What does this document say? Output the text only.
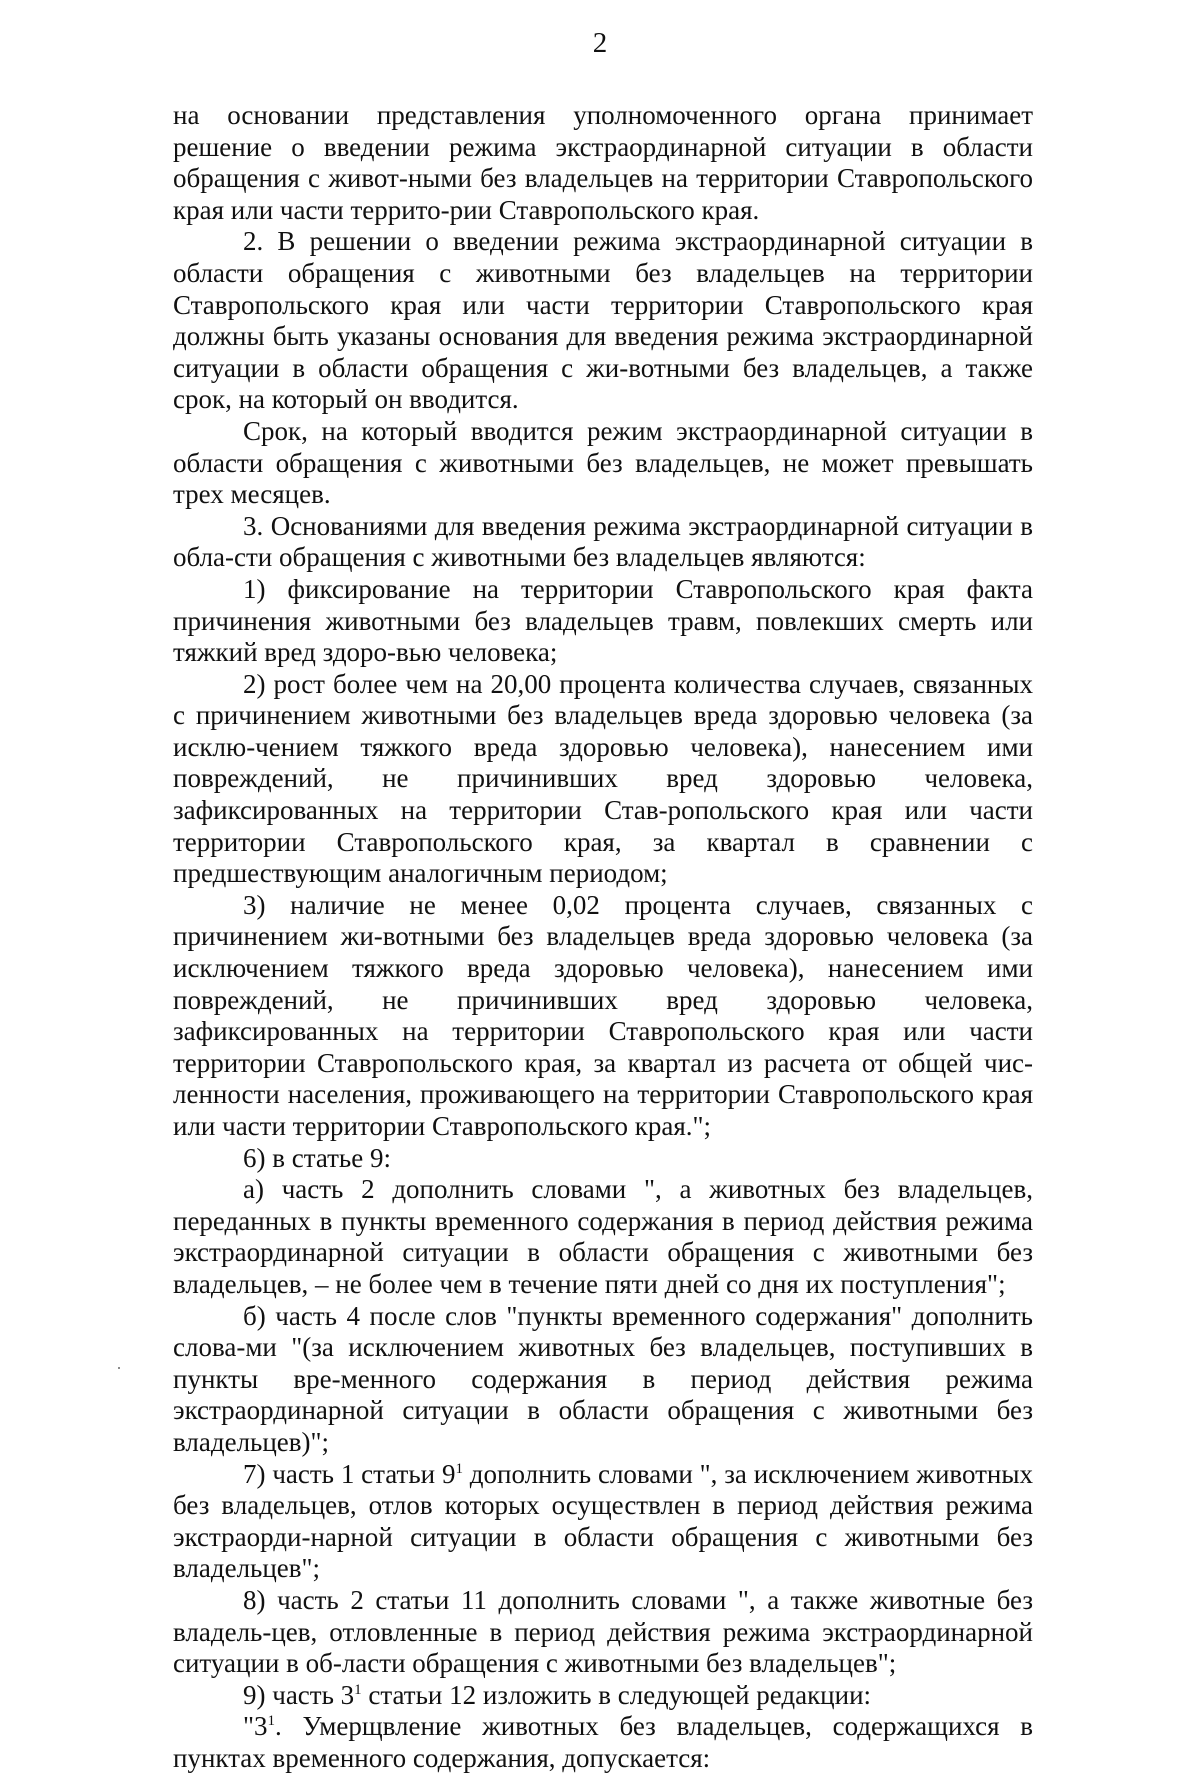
2

на основании представления уполномоченного органа принимает решение о введении режима экстраординарной ситуации в области обращения с живот-ными без владельцев на территории Ставропольского края или части террито-рии Ставропольского края.

2. В решении о введении режима экстраординарной ситуации в области обращения с животными без владельцев на территории Ставропольского края или части территории Ставропольского края должны быть указаны основания для введения режима экстраординарной ситуации в области обращения с жи-вотными без владельцев, а также срок, на который он вводится.

Срок, на который вводится режим экстраординарной ситуации в области обращения с животными без владельцев, не может превышать трех месяцев.

3. Основаниями для введения режима экстраординарной ситуации в обла-сти обращения с животными без владельцев являются:

1) фиксирование на территории Ставропольского края факта причинения животными без владельцев травм, повлекших смерть или тяжкий вред здоро-вью человека;

2) рост более чем на 20,00 процента количества случаев, связанных с причинением животными без владельцев вреда здоровью человека (за исклю-чением тяжкого вреда здоровью человека), нанесением ими повреждений, не причинивших вред здоровью человека, зафиксированных на территории Став-ропольского края или части территории Ставропольского края, за квартал в сравнении с предшествующим аналогичным периодом;

3) наличие не менее 0,02 процента случаев, связанных с причинением жи-вотными без владельцев вреда здоровью человека (за исключением тяжкого вреда здоровью человека), нанесением ими повреждений, не причинивших вред здоровью человека, зафиксированных на территории Ставропольского края или части территории Ставропольского края, за квартал из расчета от общей чис-ленности населения, проживающего на территории Ставропольского края или части территории Ставропольского края.";

6) в статье 9:

а) часть 2 дополнить словами ", а животных без владельцев, переданных в пункты временного содержания в период действия режима экстраординарной ситуации в области обращения с животными без владельцев, – не более чем в течение пяти дней со дня их поступления";

б) часть 4 после слов "пункты временного содержания" дополнить слова-ми "(за исключением животных без владельцев, поступивших в пункты вре-менного содержания в период действия режима экстраординарной ситуации в области обращения с животными без владельцев)";

7) часть 1 статьи $9^1$ дополнить словами ", за исключением животных без владельцев, отлов которых осуществлен в период действия режима экстраорди-нарной ситуации в области обращения с животными без владельцев";

8) часть 2 статьи 11 дополнить словами ", а также животные без владель-цев, отловленные в период действия режима экстраординарной ситуации в об-ласти обращения с животными без владельцев";

9) часть $3^1$ статьи 12 изложить в следующей редакции:

"$3^1$. Умерщвление животных без владельцев, содержащихся в пунктах временного содержания, допускается:
